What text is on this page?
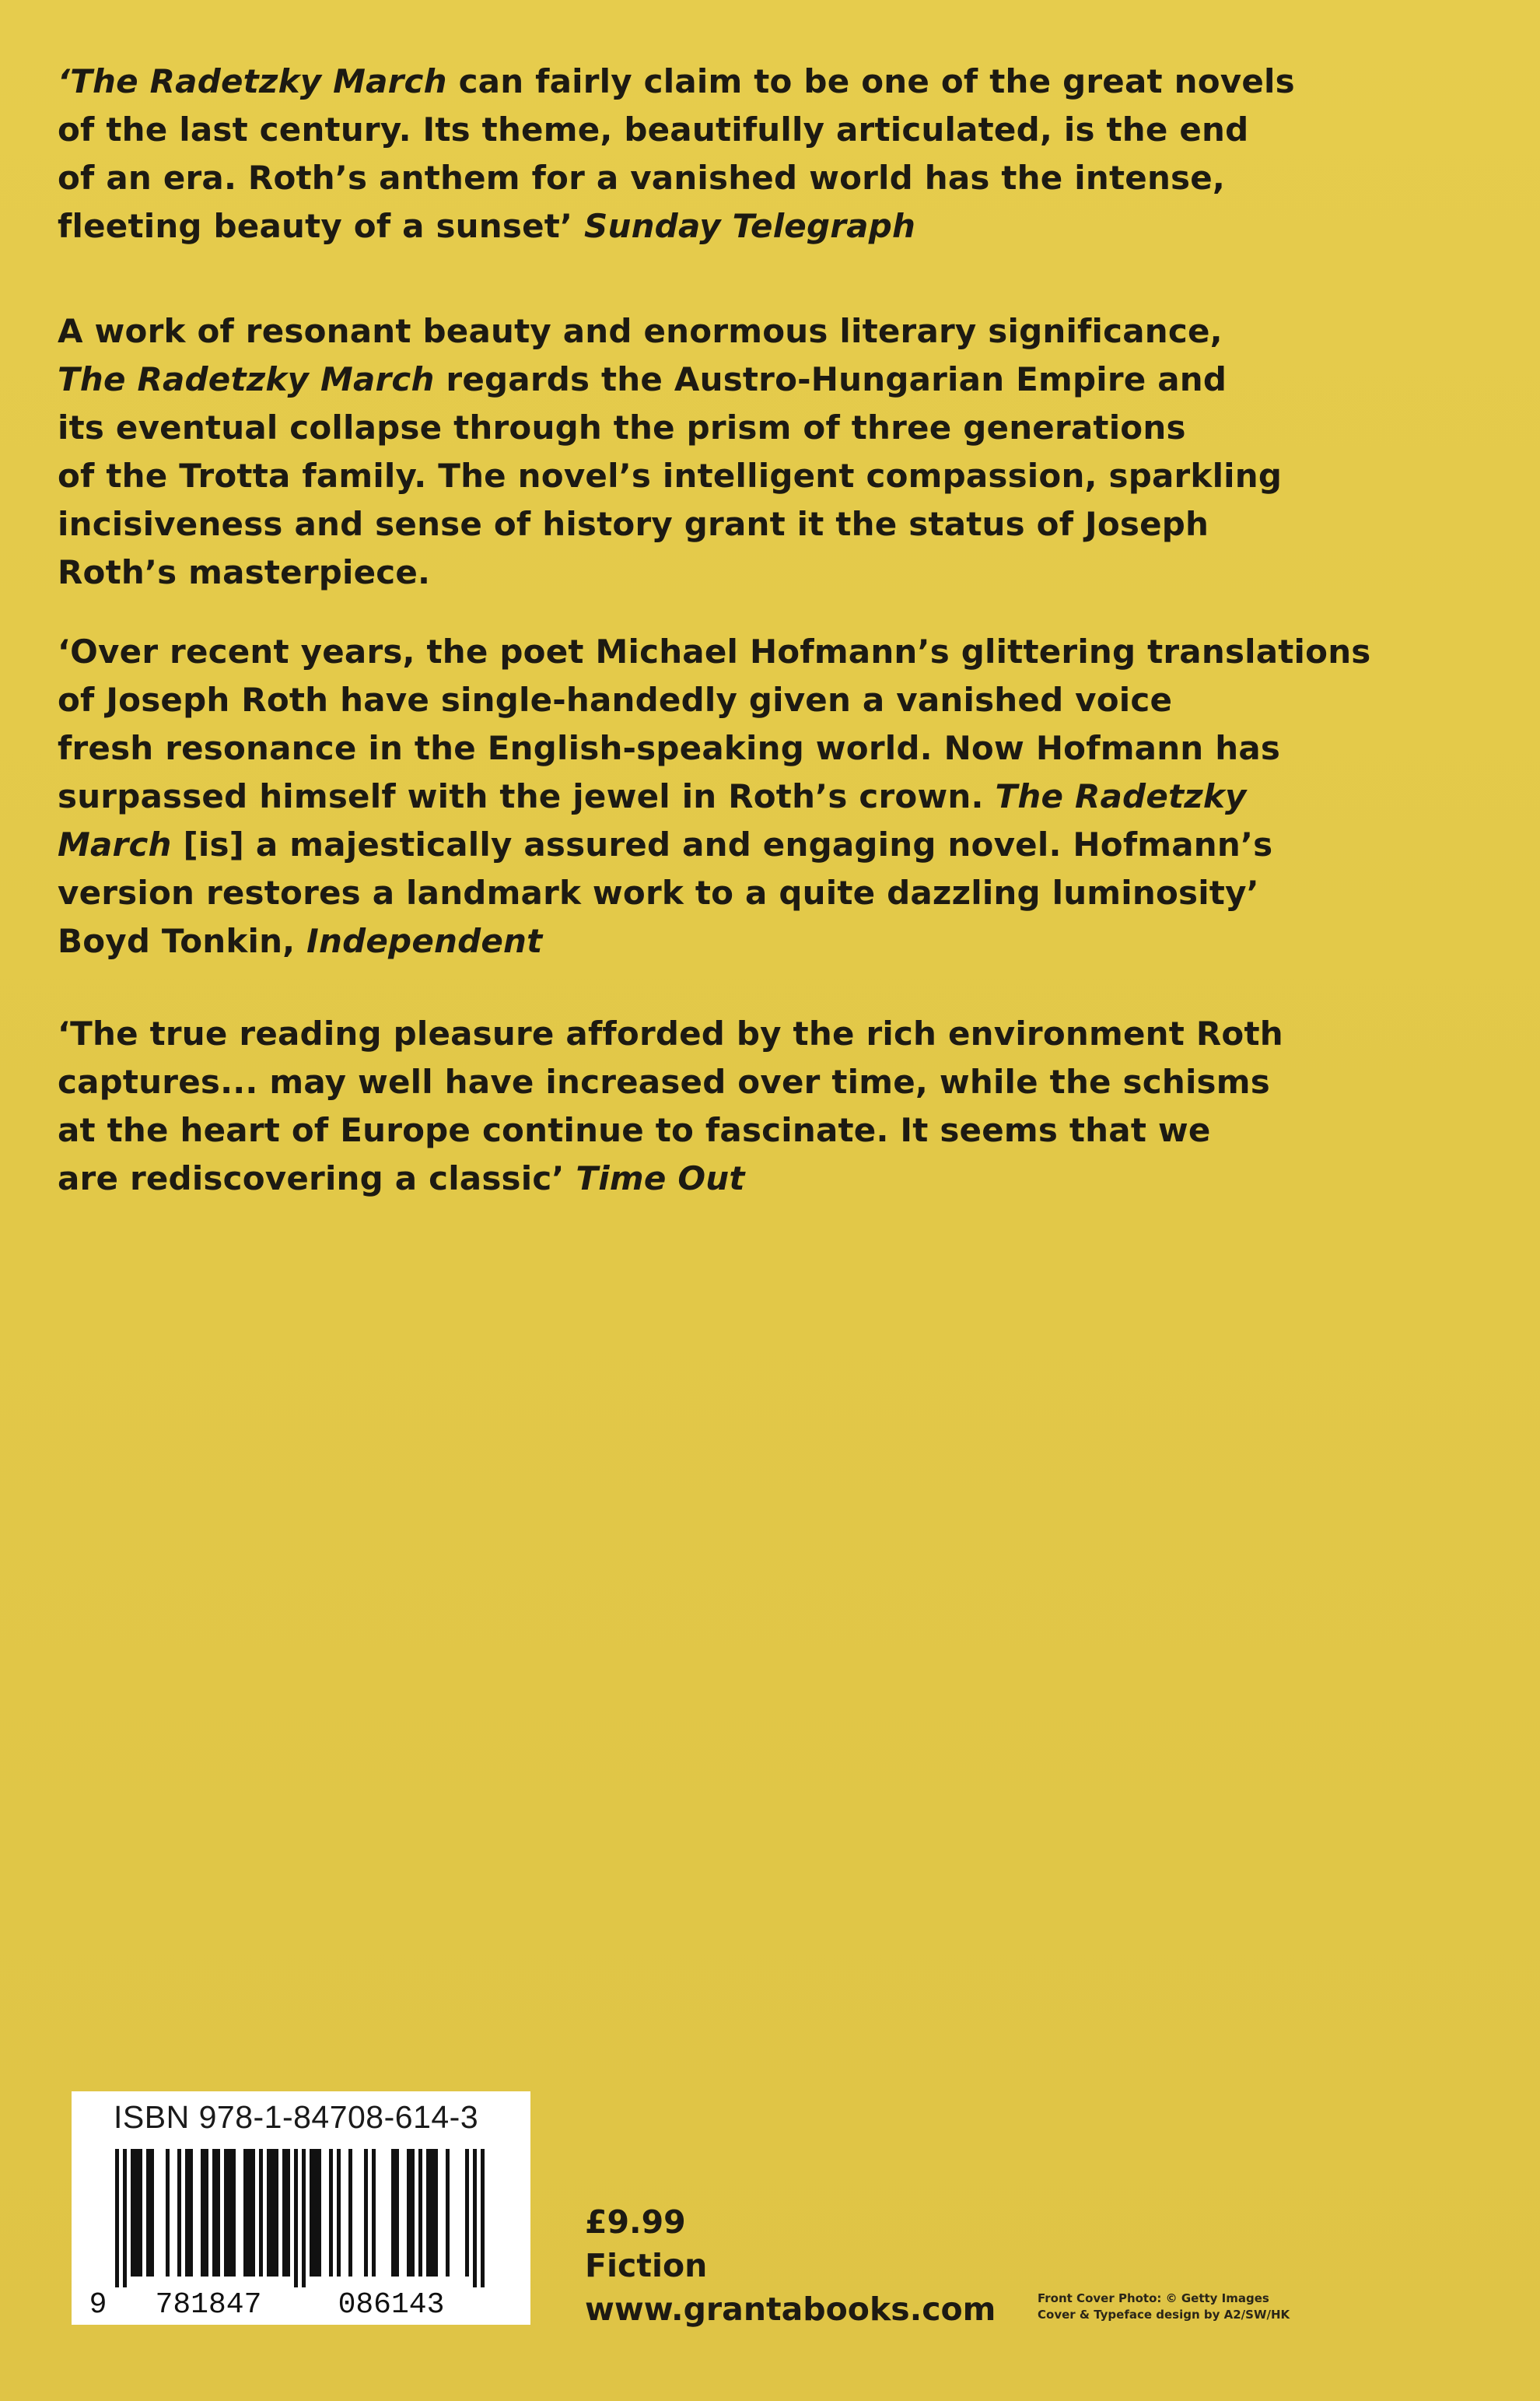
‘The Radetzky March can fairly claim to be one of the great novels
of the last century. Its theme, beautifully articulated, is the end
of an era. Roth’s anthem for a vanished world has the intense,
fleeting beauty of a sunset’ Sunday Telegraph

A work of resonant beauty and enormous literary significance,
The Radetzky March regards the Austro-Hungarian Empire and
its eventual collapse through the prism of three generations
of the Trotta family. The novel’s intelligent compassion, sparkling
incisiveness and sense of history grant it the status of Joseph
Roth’s masterpiece.

‘Over recent years, the poet Michael Hofmann’s glittering translations
of Joseph Roth have single-handedly given a vanished voice
fresh resonance in the English-speaking world. Now Hofmann has
surpassed himself with the jewel in Roth’s crown. The Radetzky
March [is] a majestically assured and engaging novel. Hofmann’s
version restores a landmark work to a quite dazzling luminosity’
Boyd Tonkin, Independent

‘The true reading pleasure afforded by the rich environment Roth
captures... may well have increased over time, while the schisms
at the heart of Europe continue to fascinate. It seems that we
are rediscovering a classic’ Time Out

ISBN 978-1-84708-614-3
9 781847	086143
£9.99
Fiction
www.grantabooks.com	Front Cover Photo: © Getty Images
Cover & Typeface design by A2/SW/HK
